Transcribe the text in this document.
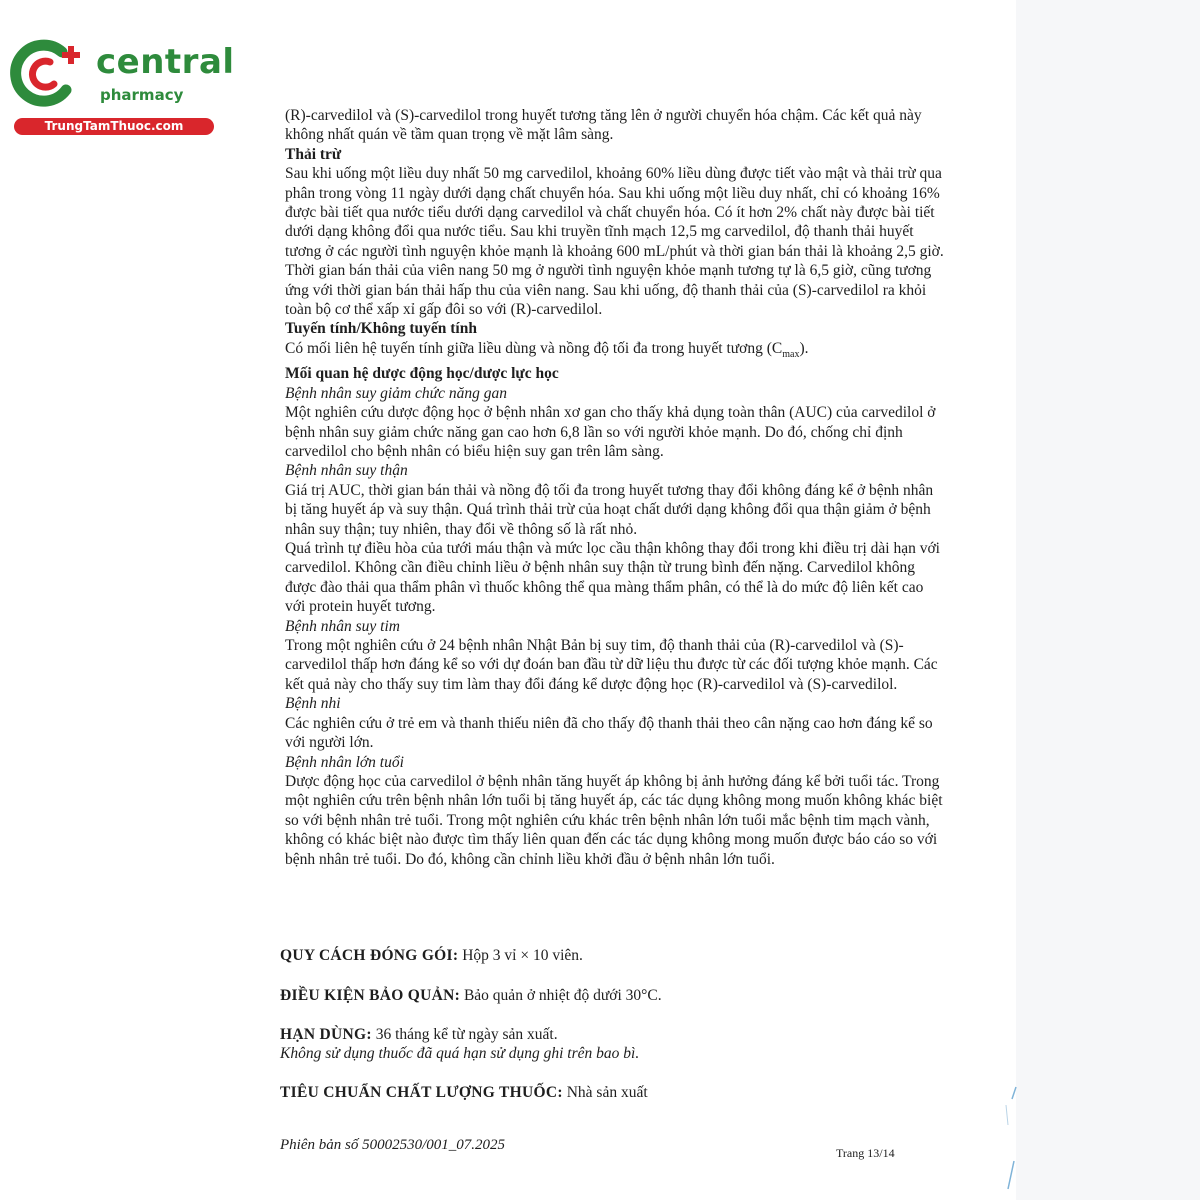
central
pharmacy
TrungTamThuoc.com

(R)-carvedilol và (S)-carvedilol trong huyết tương tăng lên ở người chuyển hóa chậm. Các kết quả này không nhất quán về tầm quan trọng về mặt lâm sàng.

Thải trừ

Sau khi uống một liều duy nhất 50 mg carvedilol, khoảng 60% liều dùng được tiết vào mật và thải trừ qua phân trong vòng 11 ngày dưới dạng chất chuyển hóa. Sau khi uống một liều duy nhất, chỉ có khoảng 16% được bài tiết qua nước tiểu dưới dạng carvedilol và chất chuyển hóa. Có ít hơn 2% chất này được bài tiết dưới dạng không đổi qua nước tiểu. Sau khi truyền tĩnh mạch 12,5 mg carvedilol, độ thanh thải huyết tương ở các người tình nguyện khỏe mạnh là khoảng 600 mL/phút và thời gian bán thải là khoảng 2,5 giờ.

Thời gian bán thải của viên nang 50 mg ở người tình nguyện khỏe mạnh tương tự là 6,5 giờ, cũng tương ứng với thời gian bán thải hấp thu của viên nang. Sau khi uống, độ thanh thải của (S)-carvedilol ra khỏi toàn bộ cơ thể xấp xỉ gấp đôi so với (R)-carvedilol.

Tuyến tính/Không tuyến tính

Có mối liên hệ tuyến tính giữa liều dùng và nồng độ tối đa trong huyết tương $(C_{max})$.

Mối quan hệ dược động học/dược lực học

Bệnh nhân suy giảm chức năng gan

Một nghiên cứu dược động học ở bệnh nhân xơ gan cho thấy khả dụng toàn thân (AUC) của carvedilol ở bệnh nhân suy giảm chức năng gan cao hơn 6,8 lần so với người khỏe mạnh. Do đó, chống chỉ định carvedilol cho bệnh nhân có biểu hiện suy gan trên lâm sàng.

Bệnh nhân suy thận

Giá trị AUC, thời gian bán thải và nồng độ tối đa trong huyết tương thay đổi không đáng kể ở bệnh nhân bị tăng huyết áp và suy thận. Quá trình thải trừ của hoạt chất dưới dạng không đổi qua thận giảm ở bệnh nhân suy thận; tuy nhiên, thay đổi về thông số là rất nhỏ.

Quá trình tự điều hòa của tưới máu thận và mức lọc cầu thận không thay đổi trong khi điều trị dài hạn với carvedilol. Không cần điều chỉnh liều ở bệnh nhân suy thận từ trung bình đến nặng. Carvedilol không được đào thải qua thẩm phân vì thuốc không thể qua màng thẩm phân, có thể là do mức độ liên kết cao với protein huyết tương.

Bệnh nhân suy tim

Trong một nghiên cứu ở 24 bệnh nhân Nhật Bản bị suy tim, độ thanh thải của (R)-carvedilol và (S)-carvedilol thấp hơn đáng kể so với dự đoán ban đầu từ dữ liệu thu được từ các đối tượng khỏe mạnh. Các kết quả này cho thấy suy tim làm thay đổi đáng kể dược động học (R)-carvedilol và (S)-carvedilol.

Bệnh nhi

Các nghiên cứu ở trẻ em và thanh thiếu niên đã cho thấy độ thanh thải theo cân nặng cao hơn đáng kể so với người lớn.

Bệnh nhân lớn tuổi

Dược động học của carvedilol ở bệnh nhân tăng huyết áp không bị ảnh hưởng đáng kể bởi tuổi tác. Trong một nghiên cứu trên bệnh nhân lớn tuổi bị tăng huyết áp, các tác dụng không mong muốn không khác biệt so với bệnh nhân trẻ tuổi. Trong một nghiên cứu khác trên bệnh nhân lớn tuổi mắc bệnh tim mạch vành, không có khác biệt nào được tìm thấy liên quan đến các tác dụng không mong muốn được báo cáo so với bệnh nhân trẻ tuổi. Do đó, không cần chỉnh liều khởi đầu ở bệnh nhân lớn tuổi.

QUY CÁCH ĐÓNG GÓI: Hộp 3 vỉ × 10 viên.
ĐIỀU KIỆN BẢO QUẢN: Bảo quản ở nhiệt độ dưới 30°C.
HẠN DÙNG: 36 tháng kể từ ngày sản xuất.
Không sử dụng thuốc đã quá hạn sử dụng ghi trên bao bì.
TIÊU CHUẨN CHẤT LƯỢNG THUỐC: Nhà sản xuất
Phiên bản số 50002530/001_07.2025	Trang 13/14
